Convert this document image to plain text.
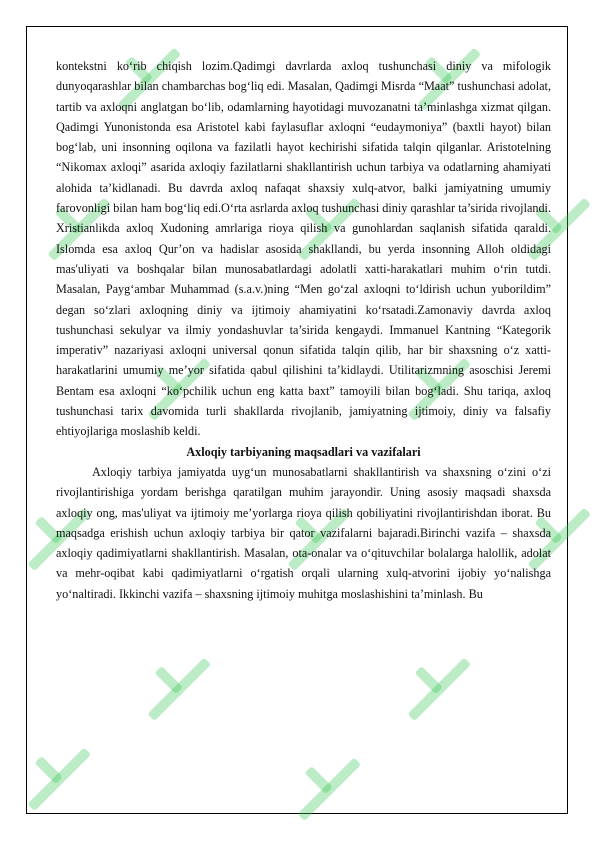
kontekstni ko‘rib chiqish lozim.Qadimgi davrlarda axloq tushunchasi diniy va mifologik dunyoqarashlar bilan chambarchas bog‘liq edi. Masalan, Qadimgi Misrda “Maat” tushunchasi adolat, tartib va axloqni anglatgan bo‘lib, odamlarning hayotidagi muvozanatni ta’minlashga xizmat qilgan. Qadimgi Yunonistonda esa Aristotel kabi faylasuflar axloqni “eudaymoniya” (baxtli hayot) bilan bog‘lab, uni insonning oqilona va fazilatli hayot kechirishi sifatida talqin qilganlar. Aristotelning “Nikomax axloqi” asarida axloqiy fazilatlarni shakllantirish uchun tarbiya va odatlarning ahamiyati alohida ta’kidlanadi. Bu davrda axloq nafaqat shaxsiy xulq-atvor, balki jamiyatning umumiy farovonligi bilan ham bog‘liq edi.O‘rta asrlarda axloq tushunchasi diniy qarashlar ta’sirida rivojlandi. Xristianlikda axloq Xudoning amrlariga rioya qilish va gunohlardan saqlanish sifatida qaraldi. Islomda esa axloq Qur’on va hadislar asosida shakllandi, bu yerda insonning Alloh oldidagi mas'uliyati va boshqalar bilan munosabatlardagi adolatli xatti-harakatlari muhim o‘rin tutdi. Masalan, Payg‘ambar Muhammad (s.a.v.)ning “Men go‘zal axloqni to‘ldirish uchun yuborildim” degan so‘zlari axloqning diniy va ijtimoiy ahamiyatini ko‘rsatadi.Zamonaviy davrda axloq tushunchasi sekulyar va ilmiy yondashuvlar ta’sirida kengaydi. Immanuel Kantning “Kategorik imperativ” nazariyasi axloqni universal qonun sifatida talqin qilib, har bir shaxsning o‘z xatti-harakatlarini umumiy me’yor sifatida qabul qilishini ta’kidlaydi. Utilitarizmning asoschisi Jeremi Bentam esa axloqni “ko‘pchilik uchun eng katta baxt” tamoyili bilan bog‘ladi. Shu tariqa, axloq tushunchasi tarix davomida turli shakllarda rivojlanib, jamiyatning ijtimoiy, diniy va falsafiy ehtiyojlariga moslashib keldi.

Axloqiy tarbiyaning maqsadlari va vazifalari

Axloqiy tarbiya jamiyatda uyg‘un munosabatlarni shakllantirish va shaxsning o‘zini o‘zi rivojlantirishiga yordam berishga qaratilgan muhim jarayondir. Uning asosiy maqsadi shaxsda axloqiy ong, mas'uliyat va ijtimoiy me’yorlarga rioya qilish qobiliyatini rivojlantirishdan iborat. Bu maqsadga erishish uchun axloqiy tarbiya bir qator vazifalarni bajaradi.Birinchi vazifa – shaxsda axloqiy qadimiyatlarni shakllantirish. Masalan, ota-onalar va o‘qituvchilar bolalarga halollik, adolat va mehr-oqibat kabi qadimiyatlarni o‘rgatish orqali ularning xulq-atvorini ijobiy yo‘nalishga yo‘naltiradi. Ikkinchi vazifa – shaxsning ijtimoiy muhitga moslashishini ta’minlash. Bu
